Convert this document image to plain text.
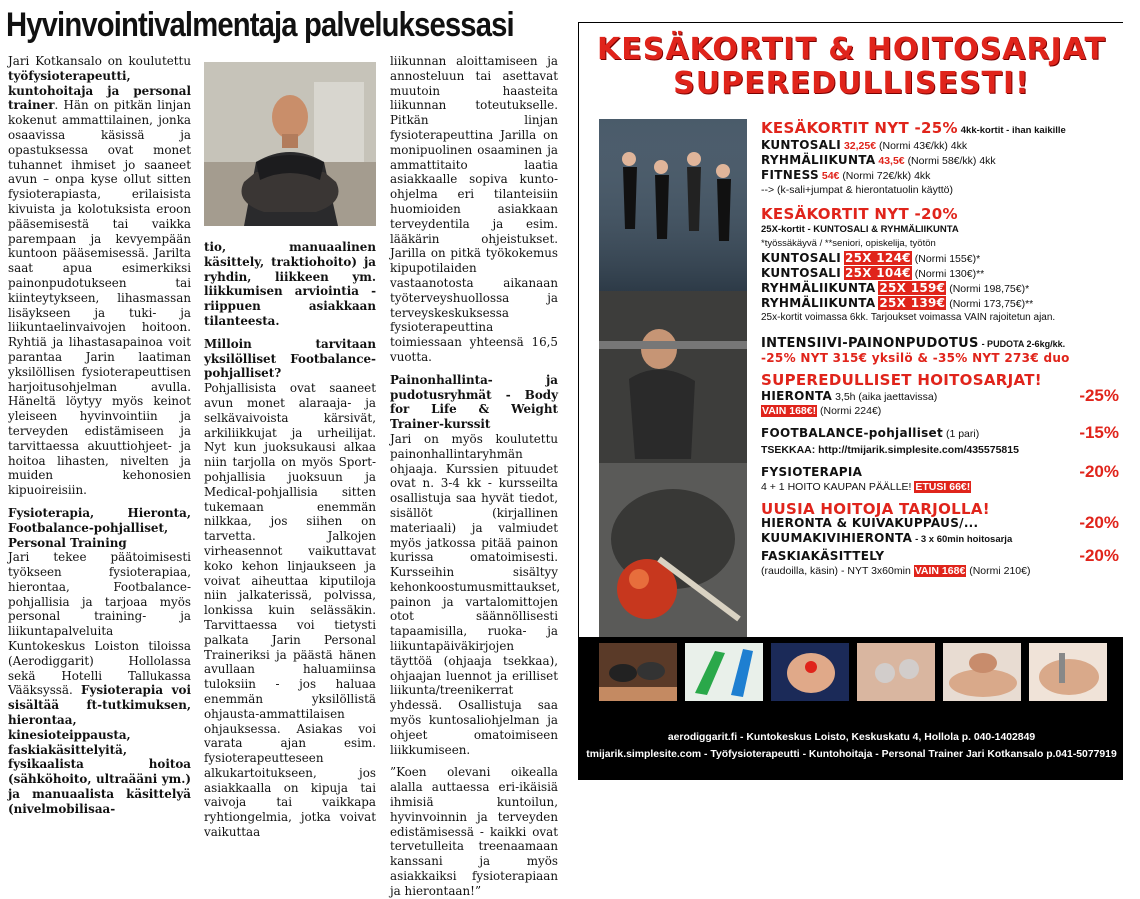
Hyvinvointivalmentaja palveluksessasi

Jari Kotkansalo on koulutettu työfysioterapeutti, kuntohoitaja ja personal trainer. Hän on pitkän linjan kokenut ammattilainen, jonka osaavissa käsissä ja opastuksessa ovat monet tuhannet ihmiset jo saaneet avun – onpa kyse ollut sitten fysioterapiasta, erilaisista kivuista ja kolotuksista eroon pääsemisestä tai vaikka parempaan ja kevyempään kuntoon pääsemisessä. Jarilta saat apua esimerkiksi painonpudotukseen tai kiinteytykseen, lihasmassan lisäykseen ja tuki- ja liikuntaelinvaivojen hoitoon. Ryhtiä ja lihastasapainoa voit parantaa Jarin laatiman yksilöllisen fysioterapeuttisen harjoitusohjelman avulla. Häneltä löytyy myös keinot yleiseen hyvinvointiin ja terveyden edistämiseen ja tarvittaessa akuuttiohjeet- ja hoitoa lihasten, nivelten ja muiden kehonosien kipuoireisiin.

Fysioterapia, Hieronta, Footbalance-pohjalliset, Personal Training
Jari tekee päätoimisesti työkseen fysioterapiaa, hierontaa, Footbalance-pohjallisia ja tarjoaa myös personal training- ja liikuntapalveluita Kuntokeskus Loiston tiloissa (Aerodiggarit) Hollolassa sekä Hotelli Tallukassa Vääksyssä. Fysioterapia voi sisältää ft-tutkimuksen, hierontaa, kinesioteippausta, faskiakäsittelyitä, fysikaalista hoitoa (sähköhoito, ultraääni ym.) ja manuaalista käsittelyä (nivelmobilisaa-

tio, manuaalinen käsittely, traktiohoito) ja ryhdin, liikkeen ym. liikkumisen arviointia - riippuen asiakkaan tilanteesta.

Milloin tarvitaan yksilölliset Footbalance-pohjalliset?
Pohjallisista ovat saaneet avun monet alaraaja- ja selkävaivoista kärsivät, arkiliikkujat ja urheilijat. Nyt kun juoksukausi alkaa niin tarjolla on myös Sport-pohjallisia juoksuun ja Medical-pohjallisia sitten tukemaan enemmän nilkkaa, jos siihen on tarvetta. Jalkojen virheasennot vaikuttavat koko kehon linjaukseen ja voivat aiheuttaa kiputiloja niin jalkaterissä, polvissa, lonkissa kuin selässäkin. Tarvittaessa voi tietysti palkata Jarin Personal Traineriksi ja päästä hänen avullaan haluamiinsa tuloksiin - jos haluaa enemmän yksilöllistä ohjausta-ammattilaisen ohjauksessa. Asiakas voi varata ajan esim. fysioterapeutteseen alkukartoitukseen, jos asiakkaalla on kipuja tai vaivoja tai vaikkapa ryhtiongelmia, jotka voivat vaikuttaa

liikunnan aloittamiseen ja annosteluun tai asettavat muutoin haasteita liikunnan toteutukselle. Pitkän linjan fysioterapeuttina Jarilla on monipuolinen osaaminen ja ammattitaito laatia asiakkaalle sopiva kunto-ohjelma eri tilanteisiin huomioiden asiakkaan terveydentila ja esim. lääkärin ohjeistukset. Jarilla on pitkä työkokemus kipupotilaiden vastaanotosta aikanaan työterveyshuollossa ja terveyskeskuksessa fysioterapeuttina toimiessaan yhteensä 16,5 vuotta.

Painonhallinta- ja pudotusryhmät - Body for Life & Weight Trainer-kurssit
Jari on myös koulutettu painonhallintaryhmän ohjaaja. Kurssien pituudet ovat n. 3-4 kk - kursseilta osallistuja saa hyvät tiedot, sisällöt (kirjallinen materiaali) ja valmiudet myös jatkossa pitää painon kurissa omatoimisesti. Kursseihin sisältyy kehonkoostumusmittaukset, painon ja vartalomittojen otot säännöllisesti tapaamisilla, ruoka- ja liikuntapäiväkirjojen täyttöä (ohjaaja tsekkaa), ohjaajan luennot ja erilliset liikunta/treenikerrat yhdessä. Osallistuja saa myös kuntosaliohjelman ja ohjeet omatoimiseen liikkumiseen.

”Koen olevani oikealla alalla auttaessa eri-ikäisiä ihmisiä kuntoilun, hyvinvoinnin ja terveyden edistämisessä - kaikki ovat tervetulleita treenaamaan kanssani ja myös asiakkaiksi fysioterapiaan ja hierontaan!”

KESÄKORTIT & HOITOSARJAT
SUPEREDULLISESTI!
KESÄKORTIT NYT -25% 4kk-kortit - ihan kaikille
KUNTOSALI 32,25€ (Normi 43€/kk) 4kk
RYHMÄLIIKUNTA 43,5€ (Normi 58€/kk) 4kk
FITNESS 54€ (Normi 72€/kk) 4kk
--> (k-sali+jumpat & hierontatuolin käyttö)
KESÄKORTIT NYT -20%
25X-kortit - KUNTOSALI & RYHMÄLIIKUNTA
*työssäkäyvä / **seniori, opiskelija, työtön
KUNTOSALI 25X 124€ (Normi 155€)*
KUNTOSALI 25X 104€ (Normi 130€)**
RYHMÄLIIKUNTA 25X 159€ (Normi 198,75€)*
RYHMÄLIIKUNTA 25X 139€ (Normi 173,75€)**
25x-kortit voimassa 6kk. Tarjoukset voimassa VAIN rajoitetun ajan.
INTENSIIVI-PAINONPUDOTUS - PUDOTA 2-6kg/kk.
-25% NYT 315€ yksilö & -35% NYT 273€ duo
SUPEREDULLISET HOITOSARJAT!
HIERONTA 3,5h (aika jaettavissa)	-25%
VAIN 168€! (Normi 224€)
FOOTBALANCE-pohjalliset (1 pari)	-15%
TSEKKAA: http://tmijarik.simplesite.com/435575815
FYSIOTERAPIA	-20%
4 + 1 HOITO KAUPAN PÄÄLLE! ETUSI 66€!
UUSIA HOITOJA TARJOLLA!
HIERONTA & KUIVAKUPPAUS/...	-20%
KUUMAKIVIHIERONTA - 3 x 60min hoitosarja
FASKIAKÄSITTELY	-20%
(raudoilla, käsin) - NYT 3x60min VAIN 168€ (Normi 210€)
aerodiggarit.fi - Kuntokeskus Loisto, Keskuskatu 4, Hollola p. 040-1402849
tmijarik.simplesite.com - Työfysioterapeutti - Kuntohoitaja - Personal Trainer Jari Kotkansalo p.041-5077919
